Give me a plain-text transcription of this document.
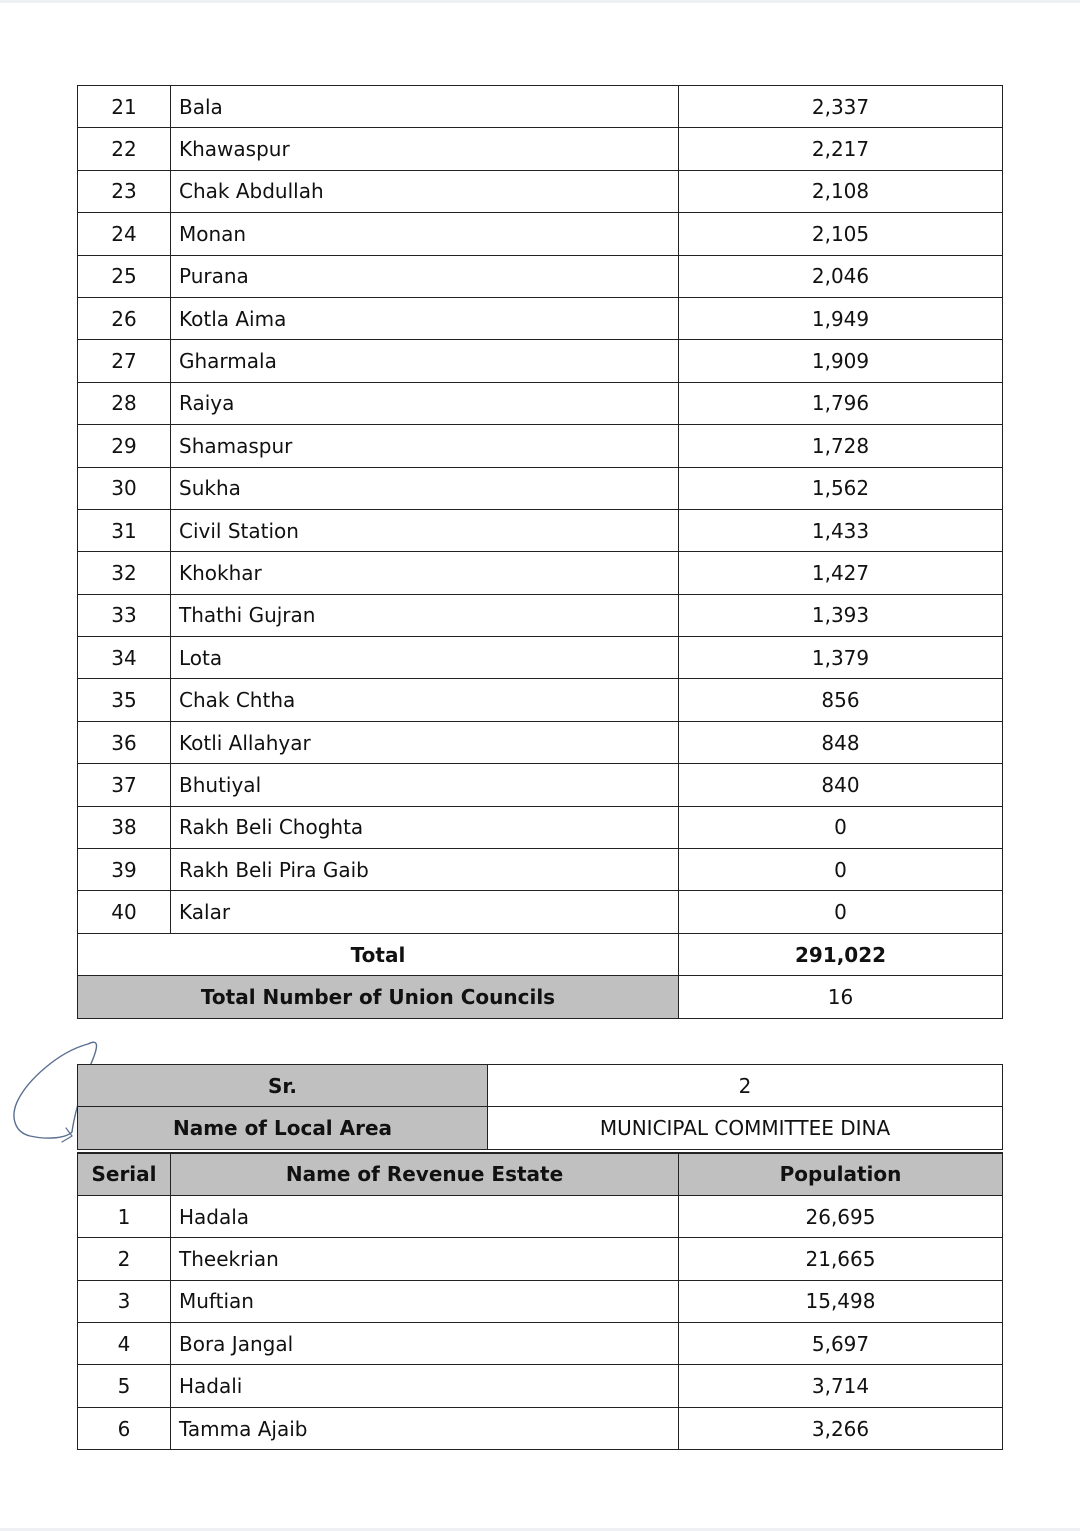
21	Bala	2,337
22	Khawaspur	2,217
23	Chak Abdullah	2,108
24	Monan	2,105
25	Purana	2,046
26	Kotla Aima	1,949
27	Gharmala	1,909
28	Raiya	1,796
29	Shamaspur	1,728
30	Sukha	1,562
31	Civil Station	1,433
32	Khokhar	1,427
33	Thathi Gujran	1,393
34	Lota	1,379
35	Chak Chtha	856
36	Kotli Allahyar	848
37	Bhutiyal	840
38	Rakh Beli Choghta	0
39	Rakh Beli Pira Gaib	0
40	Kalar	0
Total		291,022
Total Number of Union Councils		16
Sr.	2
Name of Local Area	MUNICIPAL COMMITTEE DINA
Serial	Name of Revenue Estate	Population
1	Hadala	26,695
2	Theekrian	21,665
3	Muftian	15,498
4	Bora Jangal	5,697
5	Hadali	3,714
6	Tamma Ajaib	3,266
